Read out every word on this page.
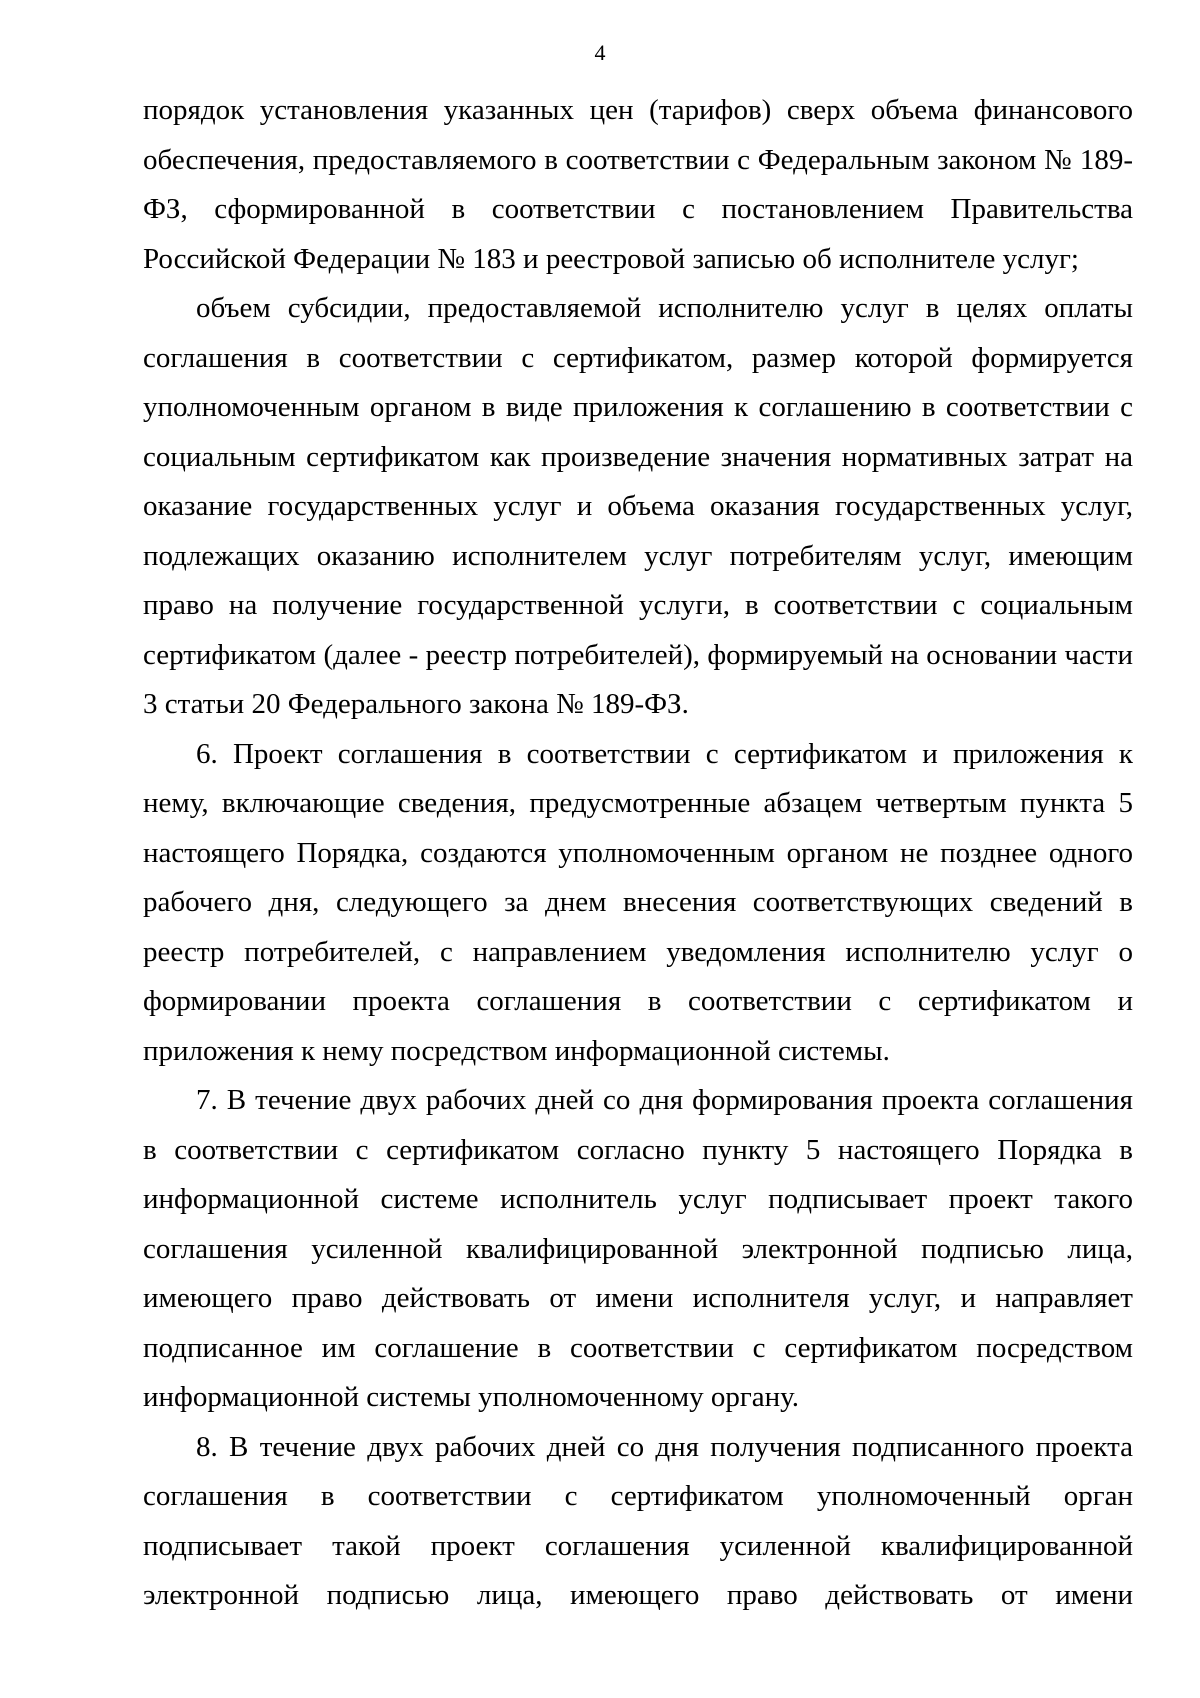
4

порядок установления указанных цен (тарифов) сверх объема финансового обеспечения, предоставляемого в соответствии с Федеральным законом № 189-ФЗ, сформированной в соответствии с постановлением Правительства Российской Федерации № 183 и реестровой записью об исполнителе услуг;

объем субсидии, предоставляемой исполнителю услуг в целях оплаты соглашения в соответствии с сертификатом, размер которой формируется уполномоченным органом в виде приложения к соглашению в соответствии с социальным сертификатом как произведение значения нормативных затрат на оказание государственных услуг и объема оказания государственных услуг, подлежащих оказанию исполнителем услуг потребителям услуг, имеющим право на получение государственной услуги, в соответствии с социальным сертификатом (далее - реестр потребителей), формируемый на основании части 3 статьи 20 Федерального закона № 189-ФЗ.

6. Проект соглашения в соответствии с сертификатом и приложения к нему, включающие сведения, предусмотренные абзацем четвертым пункта 5 настоящего Порядка, создаются уполномоченным органом не позднее одного рабочего дня, следующего за днем внесения соответствующих сведений в реестр потребителей, с направлением уведомления исполнителю услуг о формировании проекта соглашения в соответствии с сертификатом и приложения к нему посредством информационной системы.

7. В течение двух рабочих дней со дня формирования проекта соглашения в соответствии с сертификатом согласно пункту 5 настоящего Порядка в информационной системе исполнитель услуг подписывает проект такого соглашения усиленной квалифицированной электронной подписью лица, имеющего право действовать от имени исполнителя услуг, и направляет подписанное им соглашение в соответствии с сертификатом посредством информационной системы уполномоченному органу.

8. В течение двух рабочих дней со дня получения подписанного проекта соглашения в соответствии с сертификатом уполномоченный орган подписывает такой проект соглашения усиленной квалифицированной электронной подписью лица, имеющего право действовать от имени
